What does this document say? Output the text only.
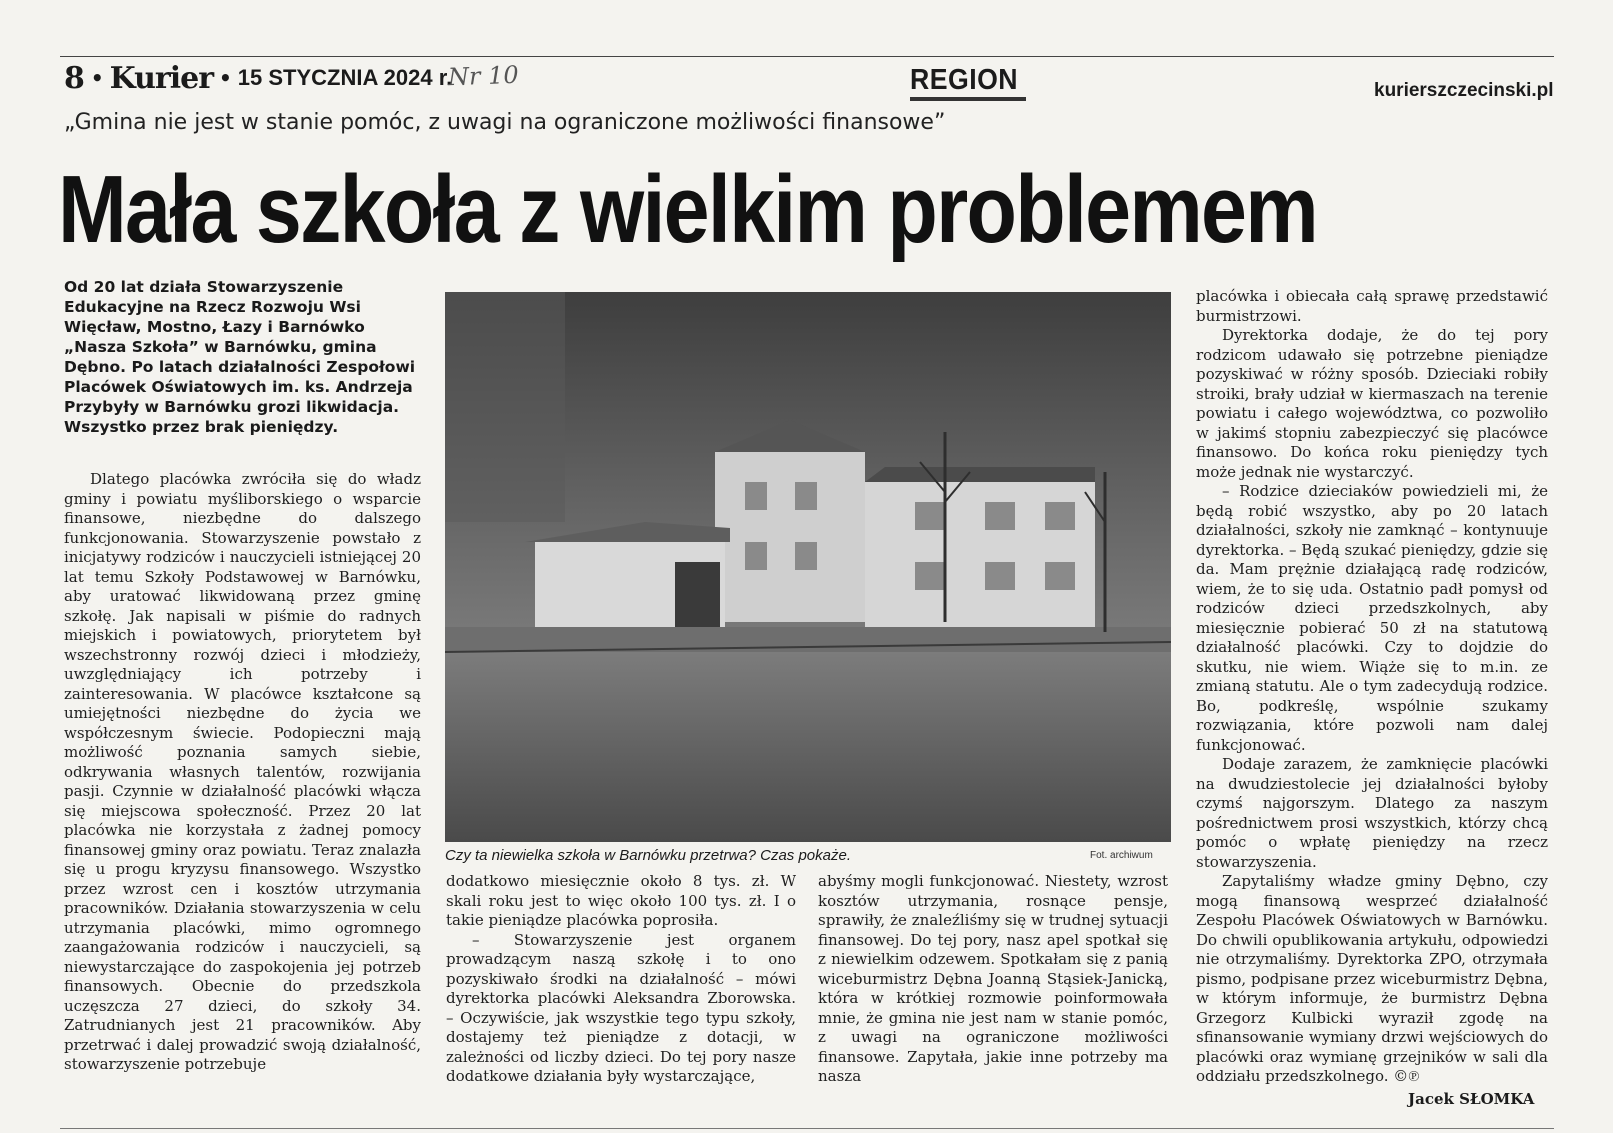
8 • Kurier • 15 STYCZNIA 2024 r.
Nr 10	REGION	kurierszczecinski.pl
„Gmina nie jest w stanie pomóc, z uwagi na ograniczone możliwości finansowe”
Mała szkoła z wielkim problemem
Od 20 lat działa Stowarzyszenie Edukacyjne na Rzecz Rozwoju Wsi Więcław, Mostno, Łazy i Barnówko „Nasza Szkoła” w Barnówku, gmina Dębno. Po latach działalności Zespołowi Placówek Oświatowych im. ks. Andrzeja Przybyły w Barnówku grozi likwidacja. Wszystko przez brak pieniędzy.

Dlatego placówka zwróciła się do władz gminy i powiatu myśliborskiego o wsparcie finansowe, niezbędne do dalszego funkcjonowania. Stowarzyszenie powstało z inicjatywy rodziców i nauczycieli istniejącej 20 lat temu Szkoły Podstawowej w Barnówku, aby uratować likwidowaną przez gminę szkołę. Jak napisali w piśmie do radnych miejskich i powiatowych, priorytetem był wszechstronny rozwój dzieci i młodzieży, uwzględniający ich potrzeby i zainteresowania. W placówce kształcone są umiejętności niezbędne do życia we współczesnym świecie. Podopieczni mają możliwość poznania samych siebie, odkrywania własnych talentów, rozwijania pasji. Czynnie w działalność placówki włącza się miejscowa społeczność. Przez 20 lat placówka nie korzystała z żadnej pomocy finansowej gminy oraz powiatu. Teraz znalazła się u progu kryzysu finansowego. Wszystko przez wzrost cen i kosztów utrzymania pracowników. Działania stowarzyszenia w celu utrzymania placówki, mimo ogromnego zaangażowania rodziców i nauczycieli, są niewystarczające do zaspokojenia jej potrzeb finansowych. Obecnie do przedszkola uczęszcza 27 dzieci, do szkoły 34. Zatrudnianych jest 21 pracowników. Aby przetrwać i dalej prowadzić swoją działalność, stowarzyszenie potrzebuje

Czy ta niewielka szkoła w Barnówku przetrwa? Czas pokaże.	Fot. archiwum

dodatkowo miesięcznie około 8 tys. zł. W skali roku jest to więc około 100 tys. zł. I o takie pieniądze placówka poprosiła.

– Stowarzyszenie jest organem prowadzącym naszą szkołę i to ono pozyskiwało środki na działalność – mówi dyrektorka placówki Aleksandra Zborowska. – Oczywiście, jak wszystkie tego typu szkoły, dostajemy też pieniądze z dotacji, w zależności od liczby dzieci. Do tej pory nasze dodatkowe działania były wystarczające,

abyśmy mogli funkcjonować. Niestety, wzrost kosztów utrzymania, rosnące pensje, sprawiły, że znaleźliśmy się w trudnej sytuacji finansowej. Do tej pory, nasz apel spotkał się z niewielkim odzewem. Spotkałam się z panią wiceburmistrz Dębna Joanną Stąsiek-Janicką, która w krótkiej rozmowie poinformowała mnie, że gmina nie jest nam w stanie pomóc, z uwagi na ograniczone możliwości finansowe. Zapytała, jakie inne potrzeby ma nasza

placówka i obiecała całą sprawę przedstawić burmistrzowi.

Dyrektorka dodaje, że do tej pory rodzicom udawało się potrzebne pieniądze pozyskiwać w różny sposób. Dzieciaki robiły stroiki, brały udział w kiermaszach na terenie powiatu i całego województwa, co pozwoliło w jakimś stopniu zabezpieczyć się placówce finansowo. Do końca roku pieniędzy tych może jednak nie wystarczyć.

– Rodzice dzieciaków powiedzieli mi, że będą robić wszystko, aby po 20 latach działalności, szkoły nie zamknąć – kontynuuje dyrektorka. – Będą szukać pieniędzy, gdzie się da. Mam prężnie działającą radę rodziców, wiem, że to się uda. Ostatnio padł pomysł od rodziców dzieci przedszkolnych, aby miesięcznie pobierać 50 zł na statutową działalność placówki. Czy to dojdzie do skutku, nie wiem. Wiąże się to m.in. ze zmianą statutu. Ale o tym zadecydują rodzice. Bo, podkreślę, wspólnie szukamy rozwiązania, które pozwoli nam dalej funkcjonować.

Dodaje zarazem, że zamknięcie placówki na dwudziestolecie jej działalności byłoby czymś najgorszym. Dlatego za naszym pośrednictwem prosi wszystkich, którzy chcą pomóc o wpłatę pieniędzy na rzecz stowarzyszenia.

Zapytaliśmy władze gminy Dębno, czy mogą finansową wesprzeć działalność Zespołu Placówek Oświatowych w Barnówku. Do chwili opublikowania artykułu, odpowiedzi nie otrzymaliśmy. Dyrektorka ZPO, otrzymała pismo, podpisane przez wiceburmistrz Dębna, w którym informuje, że burmistrz Dębna Grzegorz Kulbicki wyraził zgodę na sfinansowanie wymiany drzwi wejściowych do placówki oraz wymianę grzejników w sali dla oddziału przedszkolnego. ©℗

Jacek SŁOMKA
